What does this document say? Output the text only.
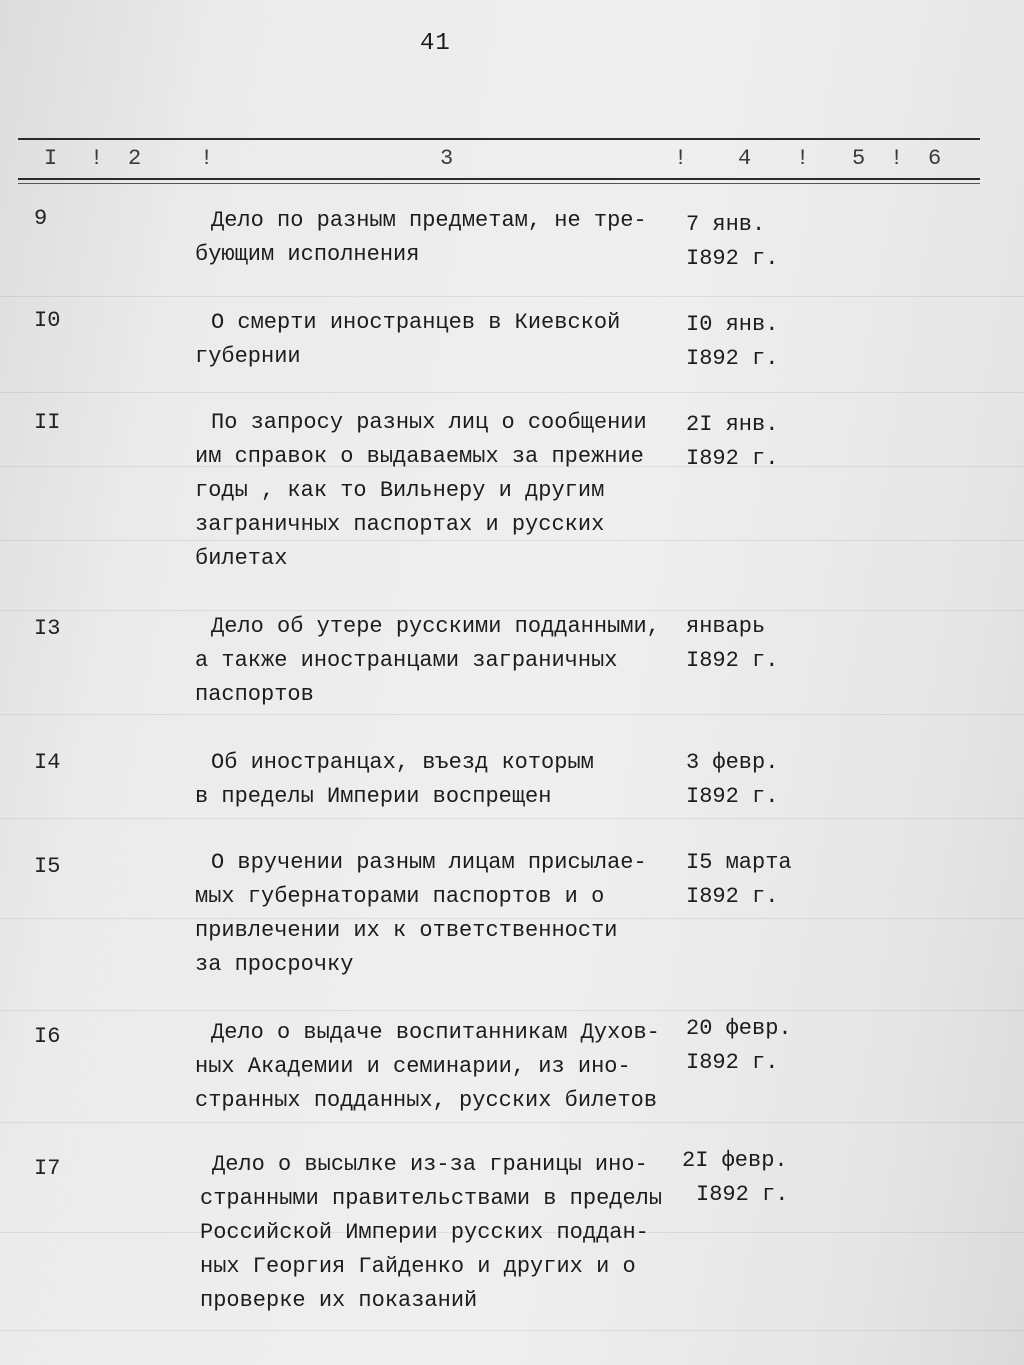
41
I ! 2	!	3	! 4 ! 5 ! 6
9	Дело по разным предметам, не тре-
бующим исполнения
7 янв.
I892 г.
I0	О смерти иностранцев в Киевской
губернии
I0 янв.
I892 г.
II	По запросу разных лиц о сообщении
им справок о выдаваемых за прежние
годы , как то Вильнеру и другим
заграничных паспортах и русских
билетах
2I янв.
I892 г.
I3	Дело об утере русскими подданными,
а также иностранцами заграничных
паспортов
январь
I892 г.
I4	Об иностранцах, въезд которым
в пределы Империи воспрещен
3 февр.
I892 г.
I5	О вручении разным лицам присылае-
мых губернаторами паспортов и о
привлечении их к ответственности
за просрочку
I5 марта
I892 г.
I6	Дело о выдаче воспитанникам Духов-
ных Академии и семинарии, из ино-
странных подданных, русских билетов
20 февр.
I892 г.
I7	Дело о высылке из-за границы ино-
странными правительствами в пределы
Российской Империи русских поддан-
ных Георгия Гайденко и других и о
проверке их показаний
2I февр.
I892 г.
